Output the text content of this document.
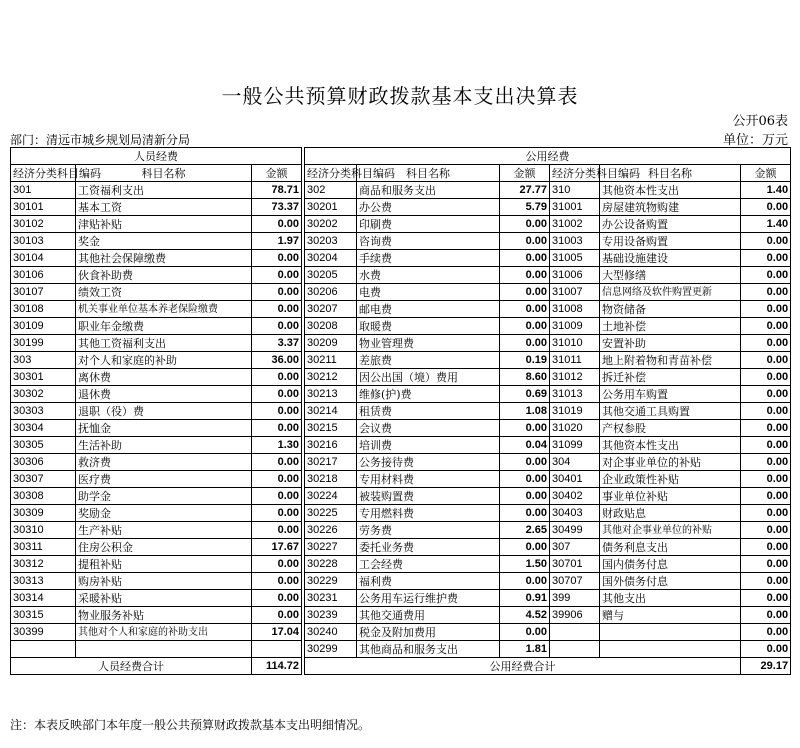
一般公共预算财政拨款基本支出决算表
公开06表
部门：清远市城乡规划局清新分局	单位：万元
人员经费				公用经费					
经济分类科目编码	科目名称	金额		经济分类科目编码	科目名称	金额	经济分类科目编码	科目名称	金额
301	工资福利支出	78.71		302	商品和服务支出	27.77	310	其他资本性支出	1.40
30101	基本工资	73.37		30201	办公费	5.79	31001	房屋建筑物购建	0.00
30102	津贴补贴	0.00		30202	印刷费	0.00	31002	办公设备购置	1.40
30103	奖金	1.97		30203	咨询费	0.00	31003	专用设备购置	0.00
30104	其他社会保障缴费	0.00		30204	手续费	0.00	31005	基础设施建设	0.00
30106	伙食补助费	0.00		30205	水费	0.00	31006	大型修缮	0.00
30107	绩效工资	0.00		30206	电费	0.00	31007	信息网络及软件购置更新	0.00
30108	机关事业单位基本养老保险缴费	0.00		30207	邮电费	0.00	31008	物资储备	0.00
30109	职业年金缴费	0.00		30208	取暖费	0.00	31009	土地补偿	0.00
30199	其他工资福利支出	3.37		30209	物业管理费	0.00	31010	安置补助	0.00
303	对个人和家庭的补助	36.00		30211	差旅费	0.19	31011	地上附着物和青苗补偿	0.00
30301	离休费	0.00		30212	因公出国（境）费用	8.60	31012	拆迁补偿	0.00
30302	退休费	0.00		30213	维修(护)费	0.69	31013	公务用车购置	0.00
30303	退职（役）费	0.00		30214	租赁费	1.08	31019	其他交通工具购置	0.00
30304	抚恤金	0.00		30215	会议费	0.00	31020	产权参股	0.00
30305	生活补助	1.30		30216	培训费	0.04	31099	其他资本性支出	0.00
30306	救济费	0.00		30217	公务接待费	0.00	304	对企事业单位的补贴	0.00
30307	医疗费	0.00		30218	专用材料费	0.00	30401	企业政策性补贴	0.00
30308	助学金	0.00		30224	被装购置费	0.00	30402	事业单位补贴	0.00
30309	奖励金	0.00		30225	专用燃料费	0.00	30403	财政贴息	0.00
30310	生产补贴	0.00		30226	劳务费	2.65	30499	其他对企事业单位的补贴	0.00
30311	住房公积金	17.67		30227	委托业务费	0.00	307	债务利息支出	0.00
30312	提租补贴	0.00		30228	工会经费	1.50	30701	国内债务付息	0.00
30313	购房补贴	0.00		30229	福利费	0.00	30707	国外债务付息	0.00
30314	采暖补贴	0.00		30231	公务用车运行维护费	0.91	399	其他支出	0.00
30315	物业服务补贴	0.00		30239	其他交通费用	4.52	39906	赠与	0.00
30399	其他对个人和家庭的补助支出	17.04		30240	税金及附加费用	0.00			0.00
				30299	其他商品和服务支出	1.81			0.00
人员经费合计		114.72		公用经费合计					29.17
注：本表反映部门本年度一般公共预算财政拨款基本支出明细情况。
